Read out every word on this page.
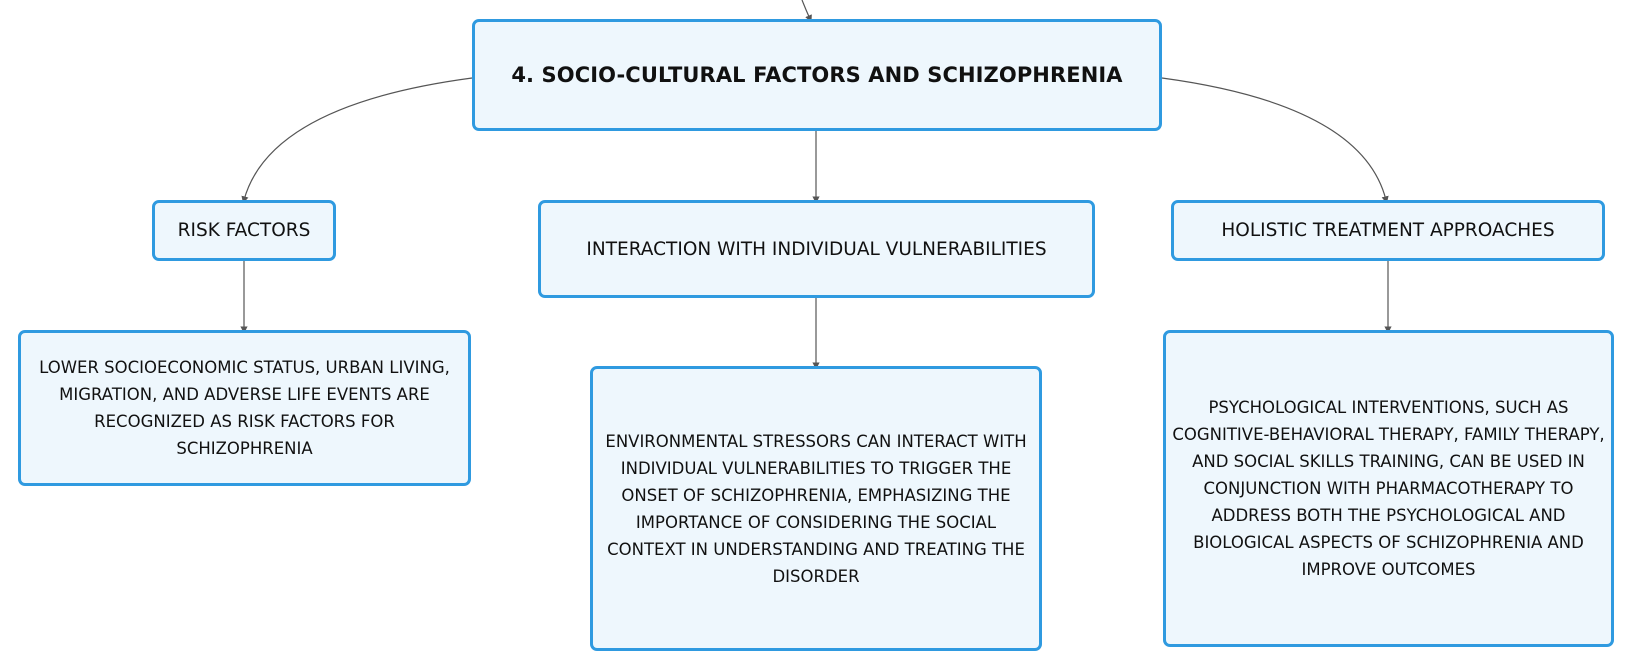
4. SOCIO-CULTURAL FACTORS AND SCHIZOPHRENIA
RISK FACTORS
INTERACTION WITH INDIVIDUAL VULNERABILITIES
HOLISTIC TREATMENT APPROACHES
LOWER SOCIOECONOMIC STATUS, URBAN LIVING, MIGRATION, AND ADVERSE LIFE EVENTS ARE RECOGNIZED AS RISK FACTORS FOR SCHIZOPHRENIA	ENVIRONMENTAL STRESSORS CAN INTERACT WITH INDIVIDUAL VULNERABILITIES TO TRIGGER THE ONSET OF SCHIZOPHRENIA, EMPHASIZING THE IMPORTANCE OF CONSIDERING THE SOCIAL CONTEXT IN UNDERSTANDING AND TREATING THE DISORDER
PSYCHOLOGICAL INTERVENTIONS, SUCH AS COGNITIVE-BEHAVIORAL THERAPY, FAMILY THERAPY, AND SOCIAL SKILLS TRAINING, CAN BE USED IN CONJUNCTION WITH PHARMACOTHERAPY TO ADDRESS BOTH THE PSYCHOLOGICAL AND BIOLOGICAL ASPECTS OF SCHIZOPHRENIA AND IMPROVE OUTCOMES
